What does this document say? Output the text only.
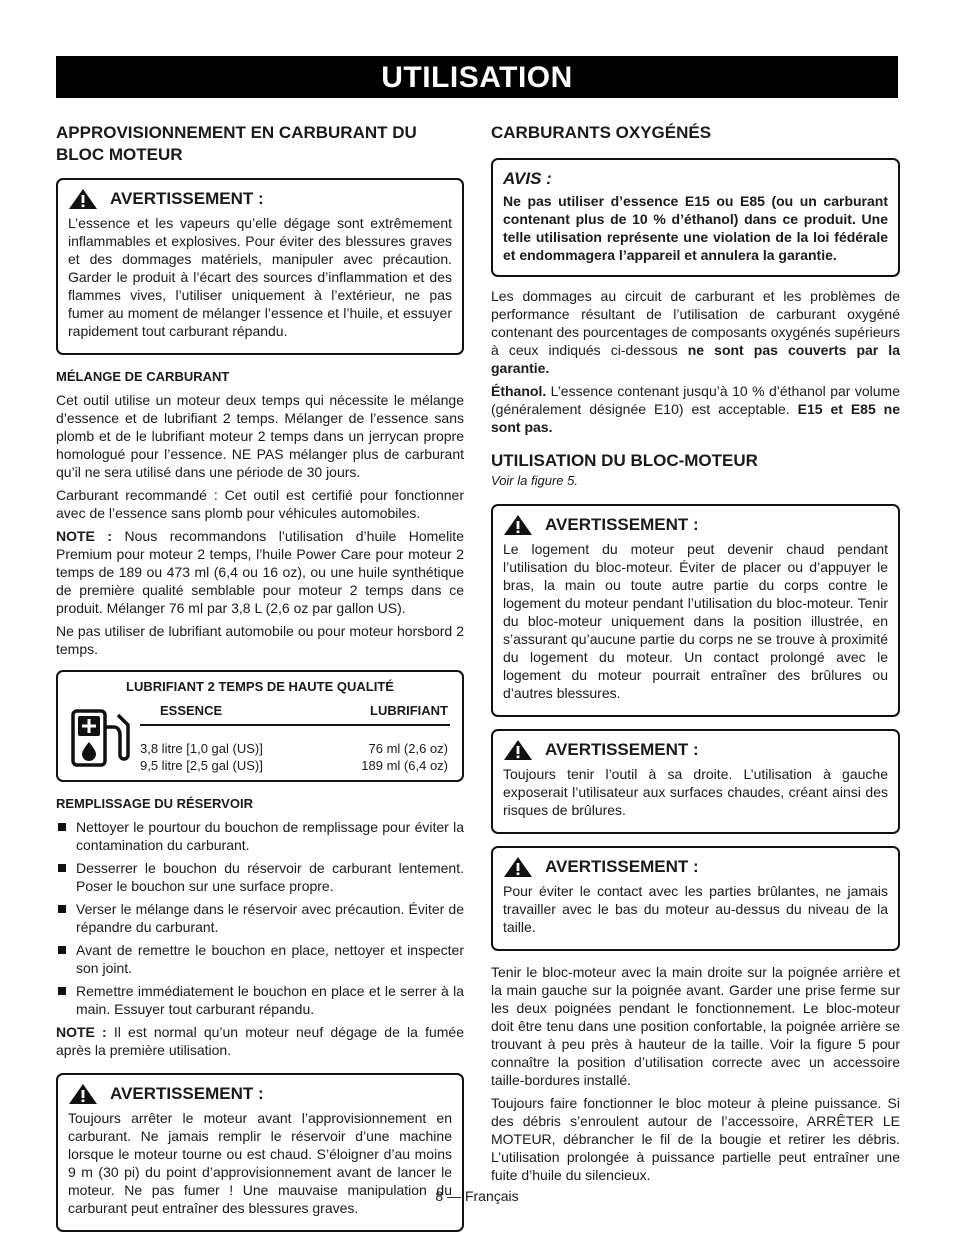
UTILISATION
APPROVISIONNEMENT EN CARBURANT DU BLOC MOTEUR
AVERTISSEMENT :

L’essence et les vapeurs qu’elle dégage sont extrêmement inflammables et explosives. Pour éviter des blessures graves et des dommages matériels, manipuler avec précaution. Garder le produit à l’écart des sources d’inflammation et des flammes vives, l’utiliser uniquement à l’extérieur, ne pas fumer au moment de mélanger l’essence et l’huile, et essuyer rapidement tout carburant répandu.

MÉLANGE DE CARBURANT

Cet outil utilise un moteur deux temps qui nécessite le mélange d’essence et de lubrifiant 2 temps. Mélanger de l’essence sans plomb et de le lubrifiant moteur 2 temps dans un jerrycan propre homologué pour l’essence. NE PAS mélanger plus de carburant qu’il ne sera utilisé dans une période de 30 jours.

Carburant recommandé : Cet outil est certifié pour fonctionner avec de l’essence sans plomb pour véhicules automobiles.

NOTE : Nous recommandons l’utilisation d’huile Homelite Premium pour moteur 2 temps, l’huile Power Care pour moteur 2 temps de 189 ou 473 ml (6,4 ou 16 oz), ou une huile synthétique de première qualité semblable pour moteur 2 temps dans ce produit. Mélanger 76 ml par 3,8 L (2,6 oz par gallon US).

Ne pas utiliser de lubrifiant automobile ou pour moteur horsbord 2 temps.

LUBRIFIANT 2 TEMPS DE HAUTE QUALITÉ
ESSENCE	LUBRIFIANT
3,8 litre [1,0 gal (US)]
9,5 litre [2,5 gal (US)]
76 ml (2,6 oz)
189 ml (6,4 oz)
REMPLISSAGE DU RÉSERVOIR
Nettoyer le pourtour du bouchon de remplissage pour éviter la contamination du carburant.
Desserrer le bouchon du réservoir de carburant lentement. Poser le bouchon sur une surface propre.
Verser le mélange dans le réservoir avec précaution. Éviter de répandre du carburant.
Avant de remettre le bouchon en place, nettoyer et inspecter son joint.
Remettre immédiatement le bouchon en place et le serrer à la main. Essuyer tout carburant répandu.

NOTE : Il est normal qu’un moteur neuf dégage de la fumée après la première utilisation.

AVERTISSEMENT :

Toujours arrêter le moteur avant l’approvisionnement en carburant. Ne jamais remplir le réservoir d’une machine lorsque le moteur tourne ou est chaud. S’éloigner d’au moins 9 m (30 pi) du point d’approvisionnement avant de lancer le moteur. Ne pas fumer ! Une mauvaise manipulation du carburant peut entraîner des blessures graves.

CARBURANTS OXYGÉNÉS
AVIS :

Ne pas utiliser d’essence E15 ou E85 (ou un carburant contenant plus de 10 % d’éthanol) dans ce produit. Une telle utilisation représente une violation de la loi fédérale et endommagera l’appareil et annulera la garantie.

Les dommages au circuit de carburant et les problèmes de performance résultant de l’utilisation de carburant oxygéné contenant des pourcentages de composants oxygénés supérieurs à ceux indiqués ci-dessous ne sont pas couverts par la garantie.

Éthanol. L’essence contenant jusqu’à 10 % d’éthanol par volume (généralement désignée E10) est acceptable. E15 et E85 ne sont pas.

UTILISATION DU BLOC-MOTEUR
Voir la figure 5.
AVERTISSEMENT :

Le logement du moteur peut devenir chaud pendant l’utilisation du bloc-moteur. Éviter de placer ou d’appuyer le bras, la main ou toute autre partie du corps contre le logement du moteur pendant l’utilisation du bloc-moteur. Tenir du bloc-moteur uniquement dans la position illustrée, en s’assurant qu’aucune partie du corps ne se trouve à proximité du logement du moteur. Un contact prolongé avec le logement du moteur pourrait entraîner des brûlures ou d’autres blessures.

AVERTISSEMENT :

Toujours tenir l’outil à sa droite. L’utilisation à gauche exposerait l’utilisateur aux surfaces chaudes, créant ainsi des risques de brûlures.

AVERTISSEMENT :

Pour éviter le contact avec les parties brûlantes, ne jamais travailler avec le bas du moteur au-dessus du niveau de la taille.

Tenir le bloc-moteur avec la main droite sur la poignée arrière et la main gauche sur la poignée avant. Garder une prise ferme sur les deux poignées pendant le fonctionnement. Le bloc-moteur doit être tenu dans une position confortable, la poignée arrière se trouvant à peu près à hauteur de la taille. Voir la figure 5 pour connaître la position d’utilisation correcte avec un accessoire taille-bordures installé.

Toujours faire fonctionner le bloc moteur à pleine puissance. Si des débris s’enroulent autour de l’accessoire, ARRÊTER LE MOTEUR, débrancher le fil de la bougie et retirer les débris. L’utilisation prolongée à puissance partielle peut entraîner une fuite d’huile du silencieux.

8 — Français
